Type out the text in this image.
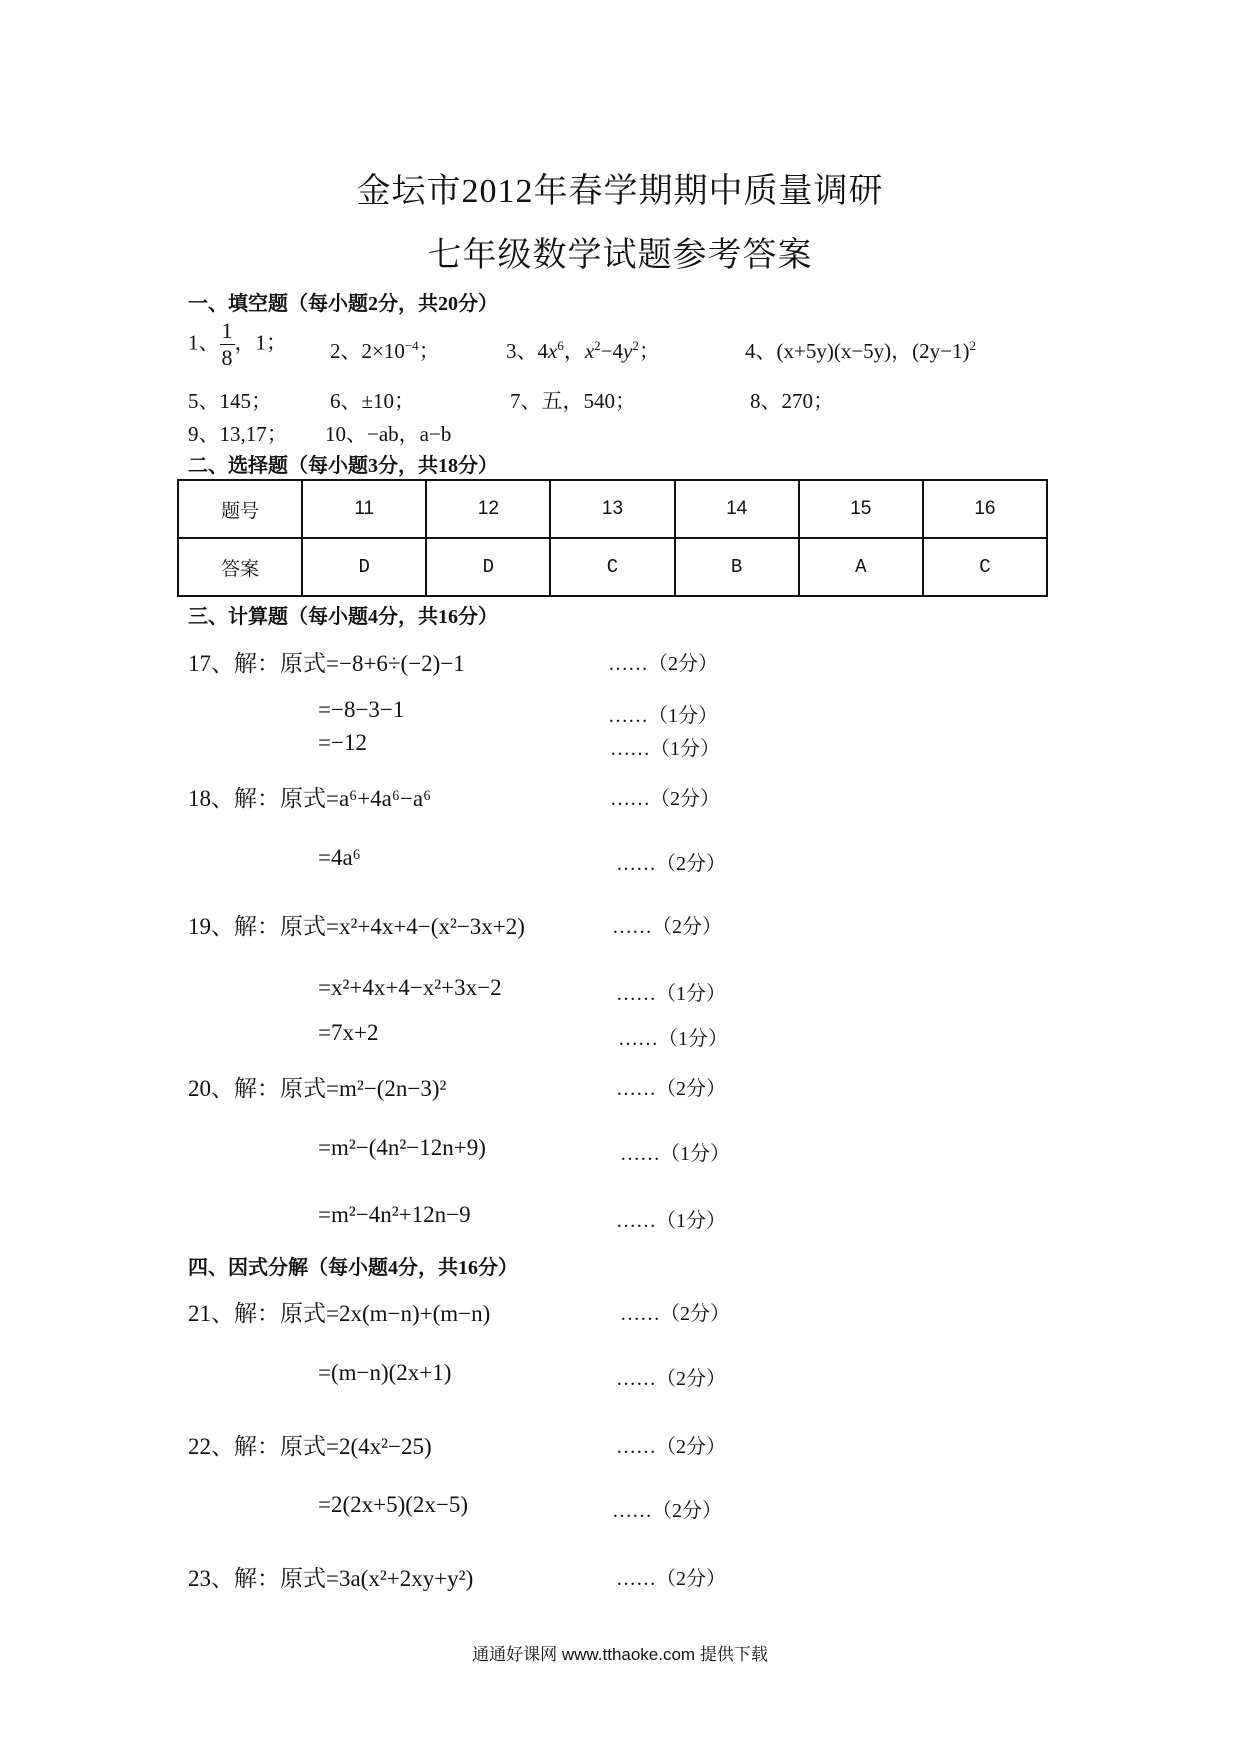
金坛市2012年春学期期中质量调研
七年级数学试题参考答案
一、填空题（每小题2分，共20分）
1、 $\frac{1}{8}$ ，1； 2、$2\times 10^{-4}$；	3、$4x^6$，$x^2-4y^2$；	4、(x+5y)(x−5y)，$(2y-1)^2$
5、145；	6、±10；	7、五，540；	8、270；
9、13,17； 10、−ab，a−b
二、选择题（每小题3分，共18分）
题号	11	12	13	14	15	16
答案	D	D	C	B	A	C
三、计算题（每小题4分，共16分）
17、解：原式=−8+6÷(−2)−1	……（2分）
=−8−3−1	……（1分）
=−12	……（1分）
18、解：原式=a⁶+4a⁶−a⁶	……（2分）
=4a⁶	……（2分）
19、解：原式=x²+4x+4−(x²−3x+2)	……（2分）
=x²+4x+4−x²+3x−2	……（1分）
=7x+2	……（1分）
20、解：原式=m²−(2n−3)²	……（2分）
=m²−(4n²−12n+9)	……（1分）
=m²−4n²+12n−9	……（1分）
四、因式分解（每小题4分，共16分）
21、解：原式=2x(m−n)+(m−n)	……（2分）
=(m−n)(2x+1)	……（2分）
22、解：原式=2(4x²−25)	……（2分）
=2(2x+5)(2x−5)	……（2分）
23、解：原式=3a(x²+2xy+y²)	……（2分）
通通好课网 www.tthaoke.com 提供下载
